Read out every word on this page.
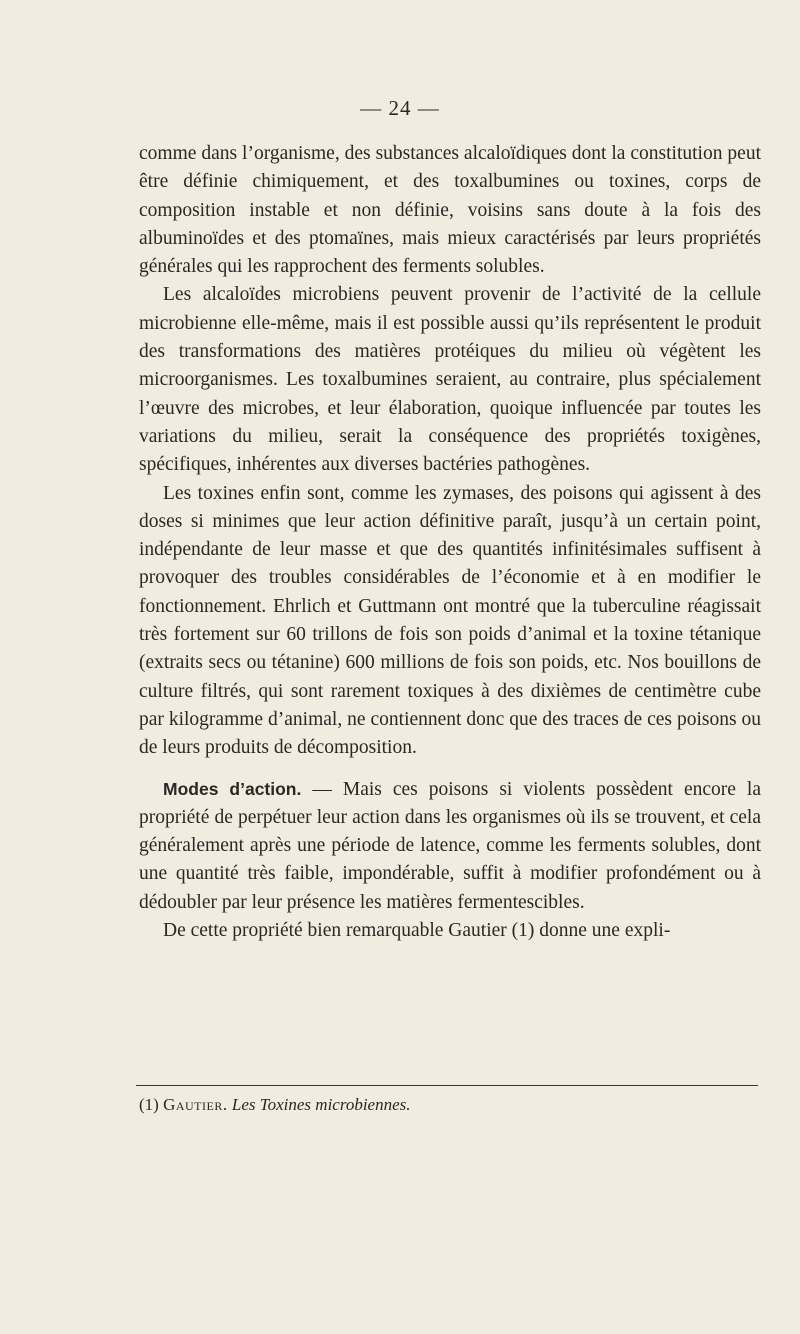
— 24 —

comme dans l’organisme, des substances alcaloïdiques dont la constitution peut être définie chimiquement, et des toxalbumines ou toxines, corps de composition instable et non définie, voisins sans doute à la fois des albuminoïdes et des ptomaïnes, mais mieux caractérisés par leurs propriétés générales qui les rapprochent des ferments solubles.

Les alcaloïdes microbiens peuvent provenir de l’activité de la cellule microbienne elle-même, mais il est possible aussi qu’ils représentent le produit des transformations des matières protéiques du milieu où végètent les microorganismes. Les toxalbumines seraient, au contraire, plus spécialement l’œuvre des microbes, et leur élaboration, quoique influencée par toutes les variations du milieu, serait la conséquence des propriétés toxigènes, spécifiques, inhérentes aux diverses bactéries pathogènes.

Les toxines enfin sont, comme les zymases, des poisons qui agissent à des doses si minimes que leur action définitive paraît, jusqu’à un certain point, indépendante de leur masse et que des quantités infinitésimales suffisent à provoquer des troubles considérables de l’économie et à en modifier le fonctionnement. Ehrlich et Guttmann ont montré que la tuberculine réagissait très fortement sur 60 trillons de fois son poids d’animal et la toxine tétanique (extraits secs ou tétanine) 600 millions de fois son poids, etc. Nos bouillons de culture filtrés, qui sont rarement toxiques à des dixièmes de centimètre cube par kilogramme d’animal, ne contiennent donc que des traces de ces poisons ou de leurs produits de décomposition.

Modes d’action. — Mais ces poisons si violents possèdent encore la propriété de perpétuer leur action dans les organismes où ils se trouvent, et cela généralement après une période de latence, comme les ferments solubles, dont une quantité très faible, impondérable, suffit à modifier profondément ou à dédoubler par leur présence les matières fermentescibles.

De cette propriété bien remarquable Gautier (1) donne une expli-

(1) Gautier. Les Toxines microbiennes.
